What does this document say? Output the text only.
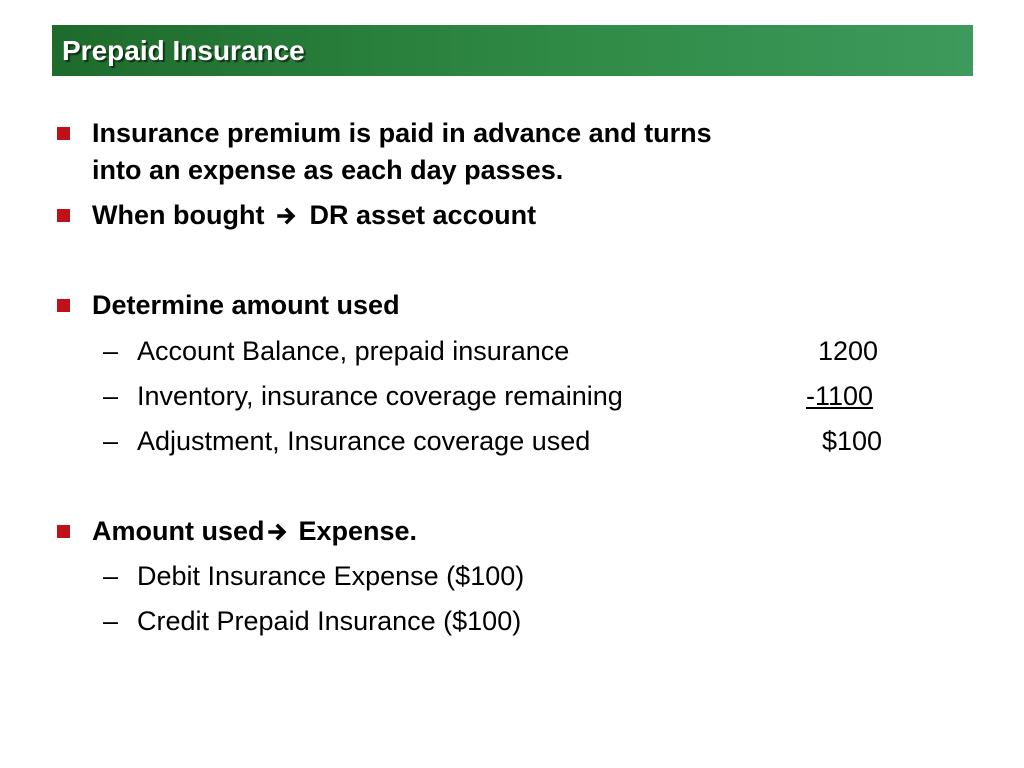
Prepaid Insurance
Insurance premium is paid in advance and turns
into an expense as each day passes.
When bought DR asset account
Determine amount used
– Account Balance, prepaid insurance	1200
– Inventory, insurance coverage remaining	-1100
– Adjustment, Insurance coverage used	$100
Amount used Expense.
– Debit Insurance Expense ($100)
– Credit Prepaid Insurance ($100)
